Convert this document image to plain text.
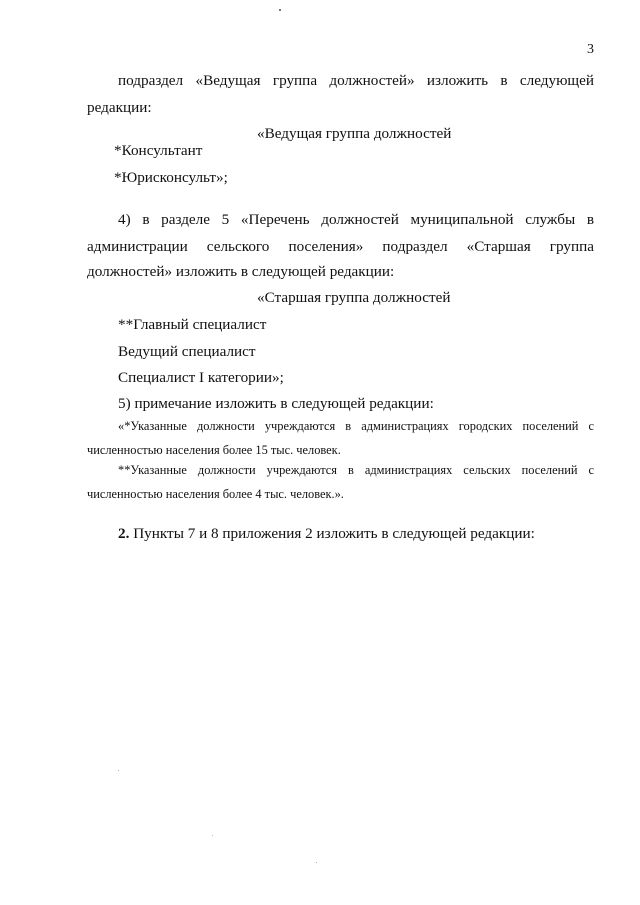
3
подраздел «Ведущая группа должностей» изложить в следующей
редакции:
«Ведущая группа должностей
*Консультант
*Юрисконсульт»;
4) в разделе 5 «Перечень должностей муниципальной службы в
администрации сельского поселения» подраздел «Старшая группа
должностей» изложить в следующей редакции:
«Старшая группа должностей
**Главный специалист
Ведущий специалист
Специалист I категории»;
5) примечание изложить в следующей редакции:
«*Указанные должности учреждаются в администрациях городских поселений с
численностью населения более 15 тыс. человек.
**Указанные должности учреждаются в администрациях сельских поселений с
численностью населения более 4 тыс. человек.».
2. Пункты 7 и 8 приложения 2 изложить в следующей редакции:
